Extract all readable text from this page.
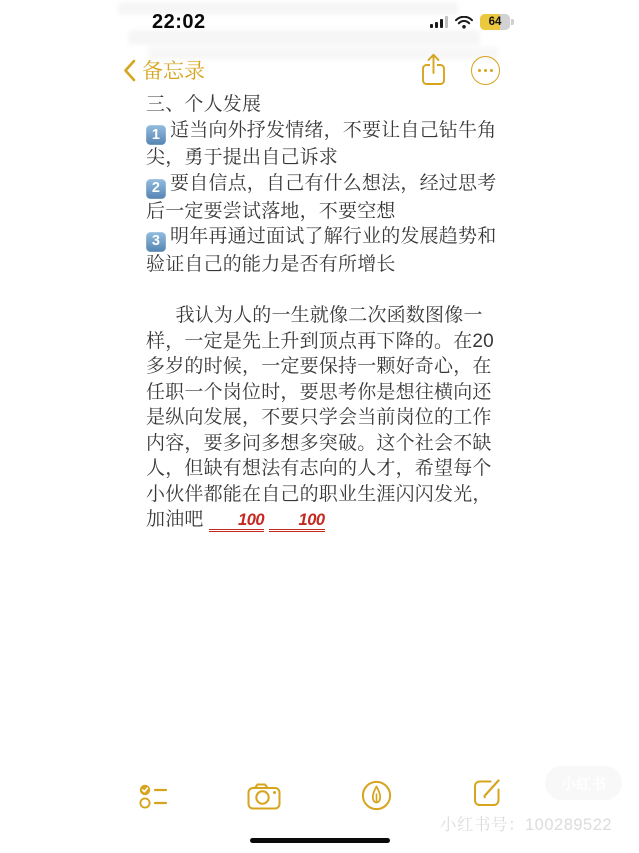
22:02	64
备忘录

三、个人发展

1 适当向外抒发情绪，不要让自己钻牛角尖，勇于提出自己诉求

2 要自信点，自己有什么想法，经过思考后一定要尝试落地，不要空想

3 明年再通过面试了解行业的发展趋势和验证自己的能力是否有所增长

我认为人的一生就像二次函数图像一样，一定是先上升到顶点再下降的。在20多岁的时候，一定要保持一颗好奇心，在任职一个岗位时，要思考你是想往横向还是纵向发展，不要只学会当前岗位的工作内容，要多问多想多突破。这个社会不缺人，但缺有想法有志向的人才，希望每个小伙伴都能在自己的职业生涯闪闪发光，加油吧 100 100

小红书
小红书号：100289522
